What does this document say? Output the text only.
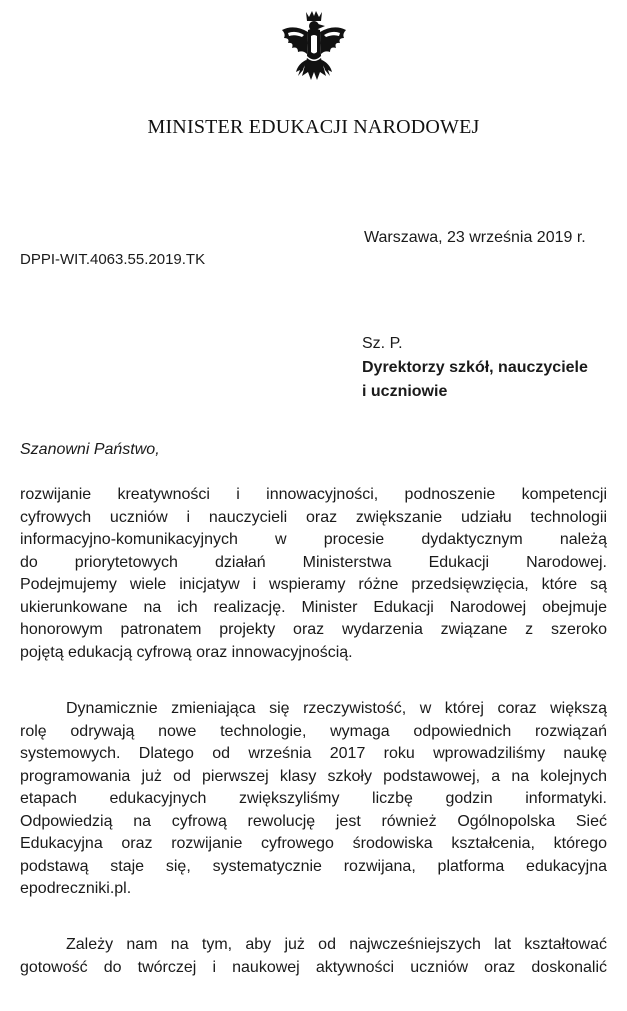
MINISTER EDUKACJI NARODOWEJ
Warszawa, 23 września 2019 r.
DPPI-WIT.4063.55.2019.TK
Sz. P.
Dyrektorzy szkół, nauczyciele
i uczniowie
Szanowni Państwo,

rozwijanie kreatywności i innowacyjności, podnoszenie kompetencji
cyfrowych uczniów i nauczycieli oraz zwiększanie udziału technologii
informacyjno-komunikacyjnych w procesie dydaktycznym należą
do priorytetowych działań Ministerstwa Edukacji Narodowej.
Podejmujemy wiele inicjatyw i wspieramy różne przedsięwzięcia, które są
ukierunkowane na ich realizację. Minister Edukacji Narodowej obejmuje
honorowym patronatem projekty oraz wydarzenia związane z szeroko
pojętą edukacją cyfrową oraz innowacyjnością.

Dynamicznie zmieniająca się rzeczywistość, w której coraz większą
rolę odrywają nowe technologie, wymaga odpowiednich rozwiązań
systemowych. Dlatego od września 2017 roku wprowadziliśmy naukę
programowania już od pierwszej klasy szkoły podstawowej, a na kolejnych
etapach edukacyjnych zwiększyliśmy liczbę godzin informatyki.
Odpowiedzią na cyfrową rewolucję jest również Ogólnopolska Sieć
Edukacyjna oraz rozwijanie cyfrowego środowiska kształcenia, którego
podstawą staje się, systematycznie rozwijana, platforma edukacyjna
epodreczniki.pl.

Zależy nam na tym, aby już od najwcześniejszych lat kształtować
gotowość do twórczej i naukowej aktywności uczniów oraz doskonalić
